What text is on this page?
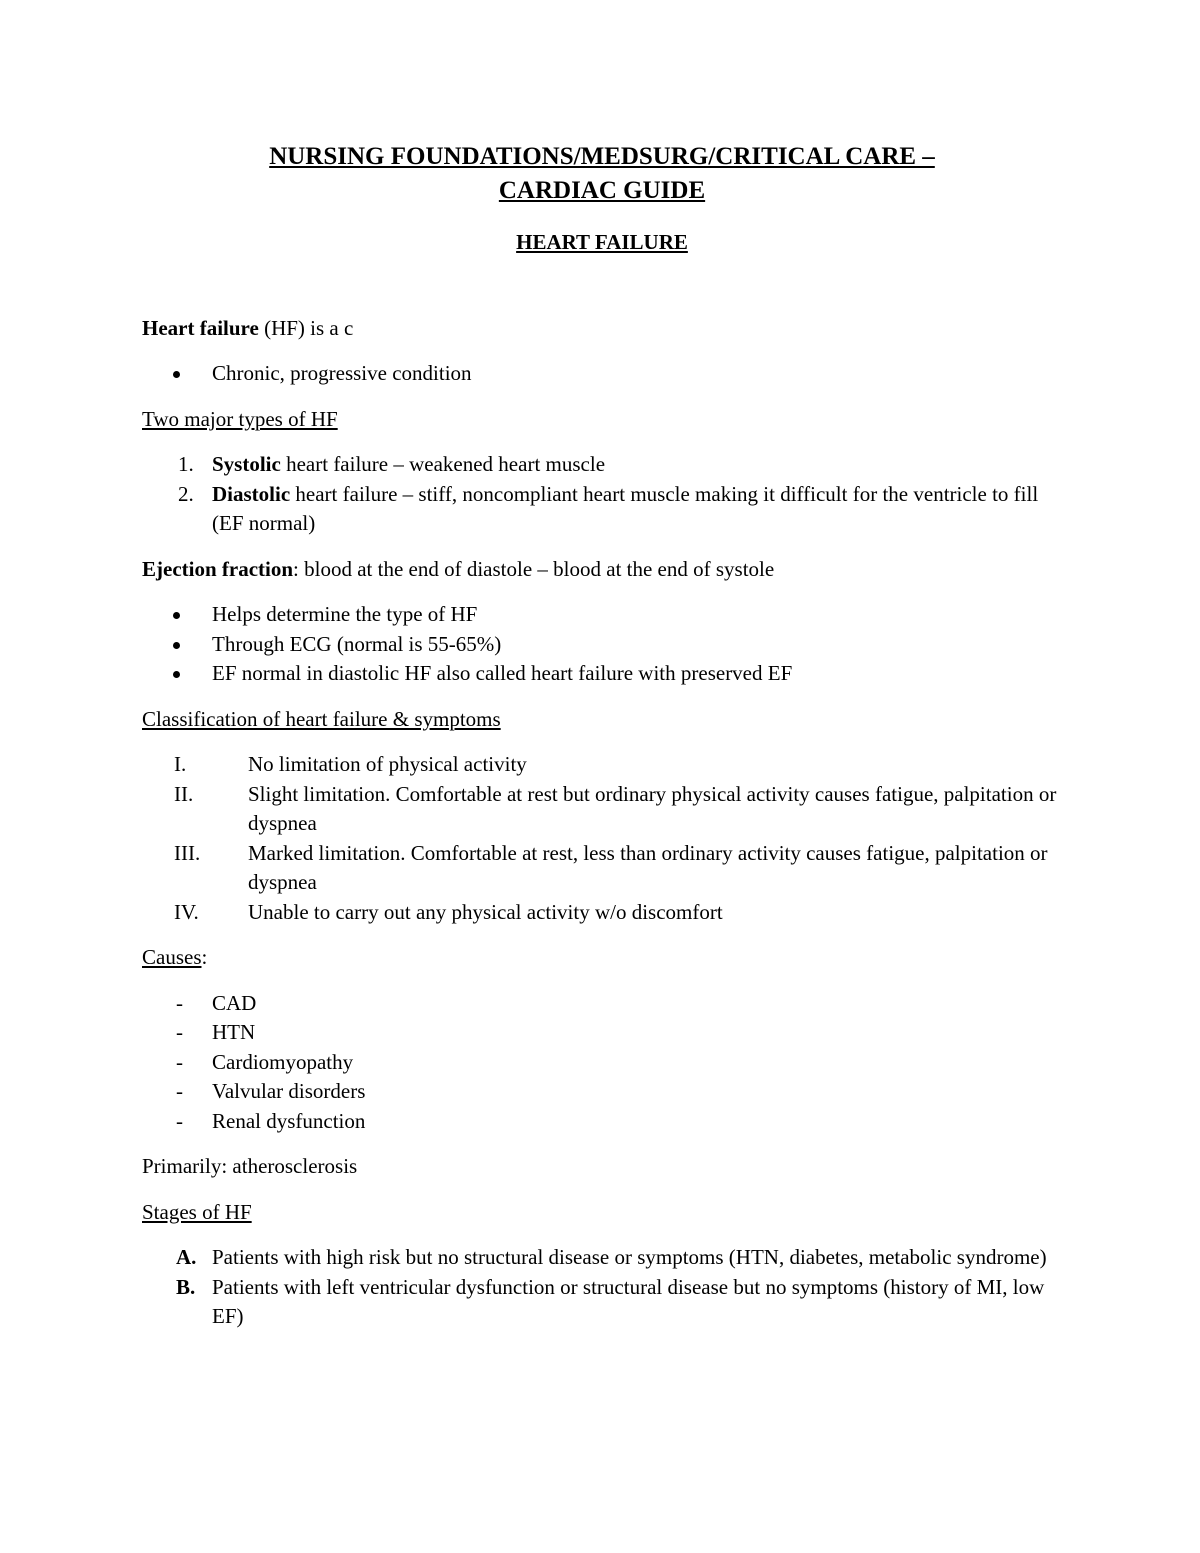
NURSING FOUNDATIONS/MEDSURG/CRITICAL CARE –
CARDIAC GUIDE
HEART FAILURE

Heart failure (HF) is a c

Chronic, progressive condition

Two major types of HF

1. Systolic heart failure – weakened heart muscle
2. Diastolic heart failure – stiff, noncompliant heart muscle making it difficult for the ventricle to fill (EF normal)

Ejection fraction: blood at the end of diastole – blood at the end of systole

Helps determine the type of HF
Through ECG (normal is 55-65%)
EF normal in diastolic HF also called heart failure with preserved EF

Classification of heart failure & symptoms

I.	No limitation of physical activity
II.	Slight limitation. Comfortable at rest but ordinary physical activity causes fatigue, palpitation or dyspnea
III. Marked limitation. Comfortable at rest, less than ordinary activity causes fatigue, palpitation or dyspnea
IV. Unable to carry out any physical activity w/o discomfort

Causes:

- CAD
- HTN
- Cardiomyopathy
- Valvular disorders
- Renal dysfunction

Primarily: atherosclerosis

Stages of HF

A. Patients with high risk but no structural disease or symptoms (HTN, diabetes, metabolic syndrome)
B. Patients with left ventricular dysfunction or structural disease but no symptoms (history of MI, low EF)
